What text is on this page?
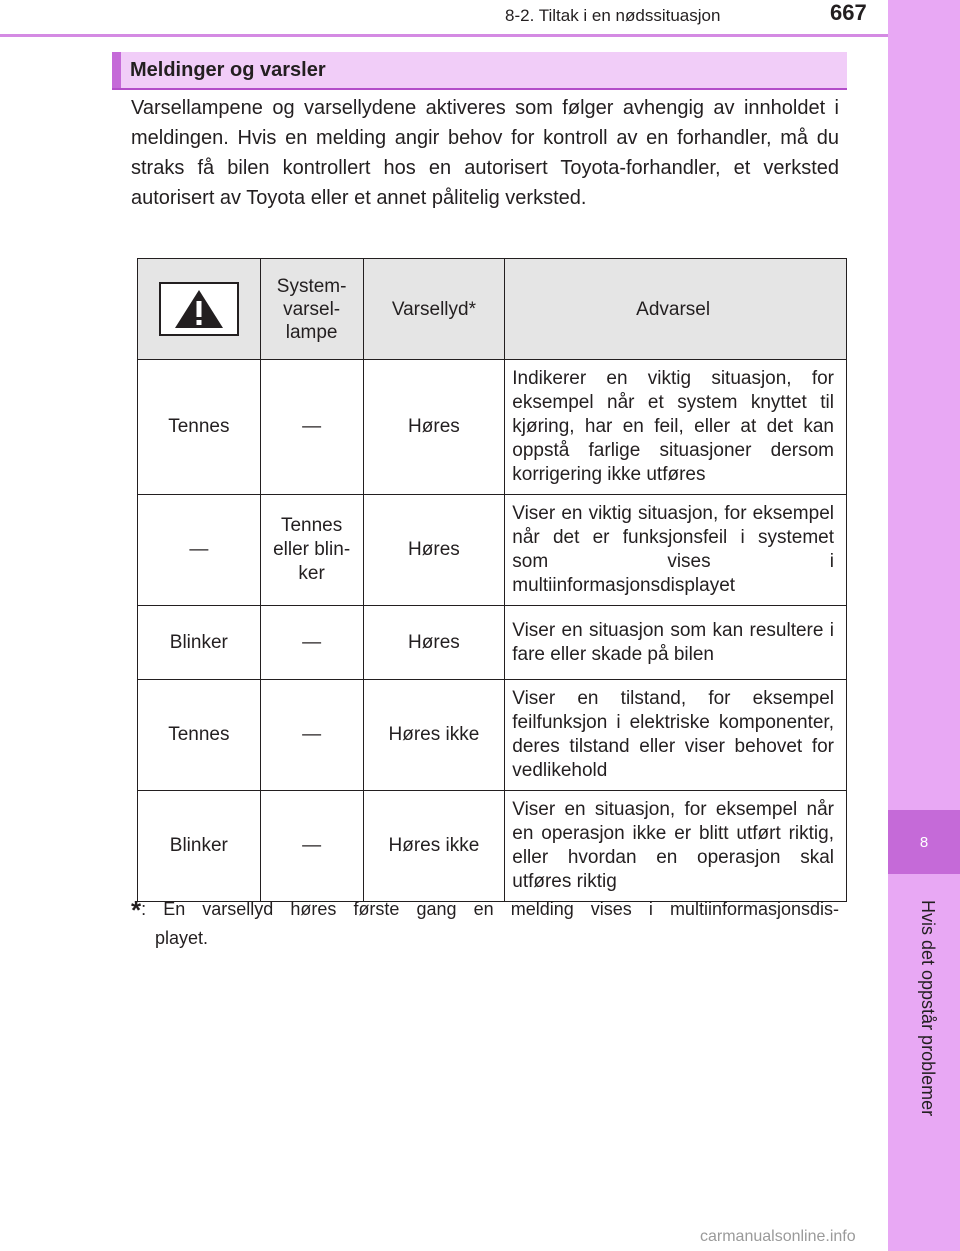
8
Hvis det oppstår problemer
8-2. Tiltak i en nødssituasjon	667
Meldinger og varsler

Varsellampene og varsellydene aktiveres som følger avhengig av innholdet i meldingen. Hvis en melding angir behov for kontroll av en forhandler, må du straks få bilen kontrollert hos en autorisert Toyota-forhandler, et verksted autorisert av Toyota eller et annet pålitelig verksted.

	System-
varsel-
lampe	Varsellyd*	Advarsel
Tennes	—	Høres	Indikerer en viktig situasjon, for eksempel når et system knyttet til kjøring, har en feil, eller at det kan oppstå farlige situasjoner dersom korrigering ikke utføres
—	Tennes
eller blin-
ker	Høres	Viser en viktig situasjon, for eksempel når det er funksjonsfeil i systemet som vises i multiinformasjonsdisplayet
Blinker	—	Høres	Viser en situasjon som kan resultere i fare eller skade på bilen
Tennes	—	Høres ikke	Viser en tilstand, for eksempel feilfunksjon i elektriske komponenter, deres tilstand eller viser behovet for vedlikehold
Blinker	—	Høres ikke	Viser en situasjon, for eksempel når en operasjon ikke er blitt utført riktig, eller hvordan en operasjon skal utføres riktig
*: En varsellyd høres første gang en melding vises i multiinformasjonsdis-
playet.
carmanualsonline.info
